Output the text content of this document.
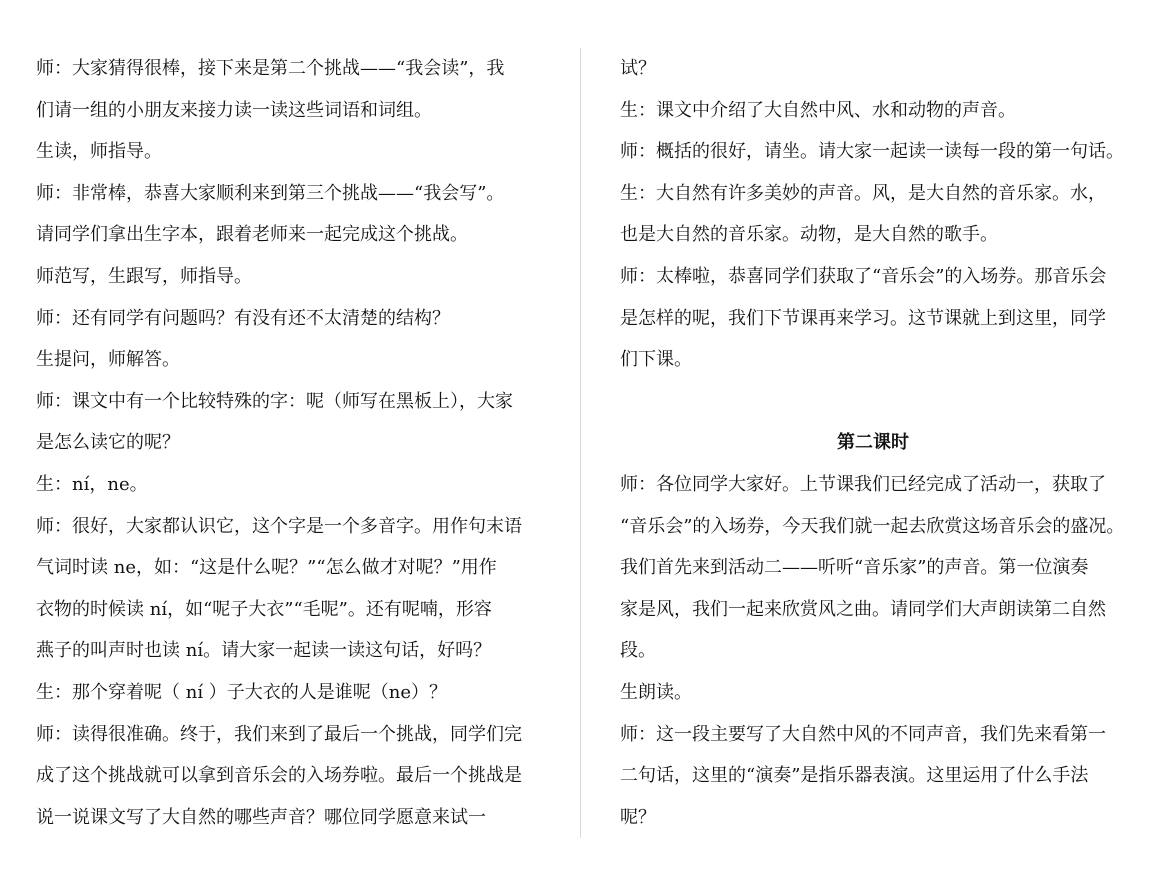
师：大家猜得很棒，接下来是第二个挑战——“我会读”，我
们请一组的小朋友来接力读一读这些词语和词组。
生读，师指导。
师：非常棒，恭喜大家顺利来到第三个挑战——“我会写”。
请同学们拿出生字本，跟着老师来一起完成这个挑战。
师范写，生跟写，师指导。
师：还有同学有问题吗？有没有还不太清楚的结构？
生提问，师解答。
师：课文中有一个比较特殊的字：呢（师写在黑板上），大家
是怎么读它的呢？
生：ní，ne。
师：很好，大家都认识它，这个字是一个多音字。用作句末语
气词时读 ne，如：“这是什么呢？”“怎么做才对呢？”用作
衣物的时候读 ní，如“呢子大衣”“毛呢”。还有呢喃，形容
燕子的叫声时也读 ní。请大家一起读一读这句话，好吗？
生：那个穿着呢（ ní ）子大衣的人是谁呢（ne）？
师：读得很准确。终于，我们来到了最后一个挑战，同学们完
成了这个挑战就可以拿到音乐会的入场券啦。最后一个挑战是
说一说课文写了大自然的哪些声音？哪位同学愿意来试一
试？
生：课文中介绍了大自然中风、水和动物的声音。
师：概括的很好，请坐。请大家一起读一读每一段的第一句话。
生：大自然有许多美妙的声音。风，是大自然的音乐家。水，
也是大自然的音乐家。动物，是大自然的歌手。
师：太棒啦，恭喜同学们获取了“音乐会”的入场券。那音乐会
是怎样的呢，我们下节课再来学习。这节课就上到这里，同学
们下课。
第二课时
师：各位同学大家好。上节课我们已经完成了活动一，获取了
“音乐会”的入场券，今天我们就一起去欣赏这场音乐会的盛况。
我们首先来到活动二——听听“音乐家”的声音。第一位演奏
家是风，我们一起来欣赏风之曲。请同学们大声朗读第二自然
段。
生朗读。
师：这一段主要写了大自然中风的不同声音，我们先来看第一
二句话，这里的“演奏”是指乐器表演。这里运用了什么手法
呢？
